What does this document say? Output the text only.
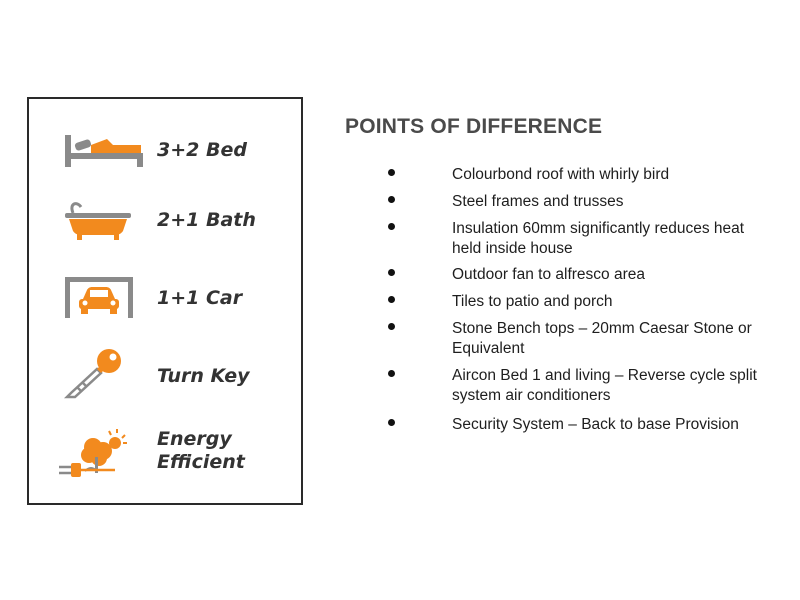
3+2 Bed
2+1 Bath
1+1 Car
Turn Key
Energy
Efficient
POINTS OF DIFFERENCE
Colourbond roof with whirly bird
Steel frames and trusses
Insulation 60mm significantly reduces heat
held inside house
Outdoor fan to alfresco area
Tiles to patio and porch
Stone Bench tops – 20mm Caesar Stone or
Equivalent
Aircon Bed 1 and living – Reverse cycle split
system air conditioners
Security System – Back to base Provision
